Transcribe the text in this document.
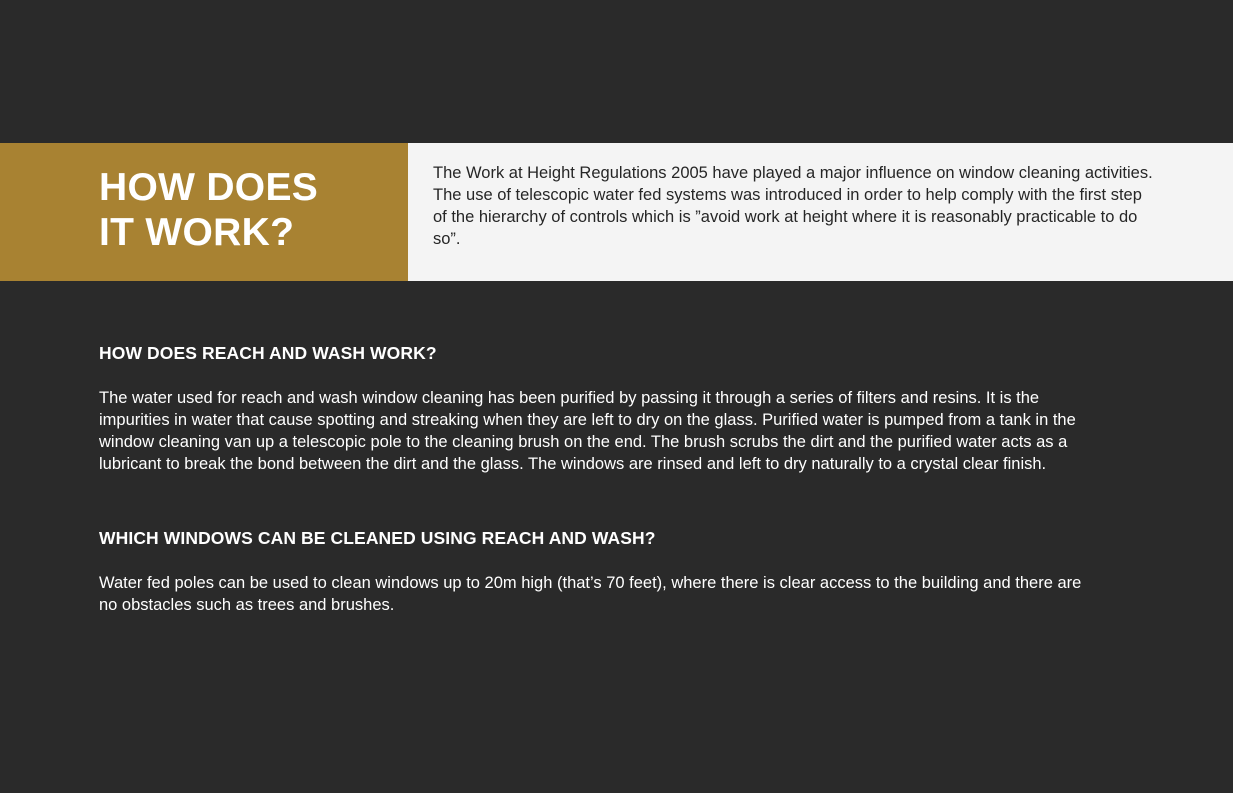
HOW DOES
IT WORK?

The Work at Height Regulations 2005 have played a major influence on window cleaning activities. The use of telescopic water fed systems was introduced in order to help comply with the first step of the hierarchy of controls which is ”avoid work at height where it is reasonably practicable to do so”.

HOW DOES REACH AND WASH WORK?

The water used for reach and wash window cleaning has been purified by passing it through a series of filters and resins. It is the impurities in water that cause spotting and streaking when they are left to dry on the glass. Purified water is pumped from a tank in the window cleaning van up a telescopic pole to the cleaning brush on the end. The brush scrubs the dirt and the purified water acts as a lubricant to break the bond between the dirt and the glass. The windows are rinsed and left to dry naturally to a crystal clear finish.

WHICH WINDOWS CAN BE CLEANED USING REACH AND WASH?

Water fed poles can be used to clean windows up to 20m high (that’s 70 feet), where there is clear access to the building and there are no obstacles such as trees and brushes.
